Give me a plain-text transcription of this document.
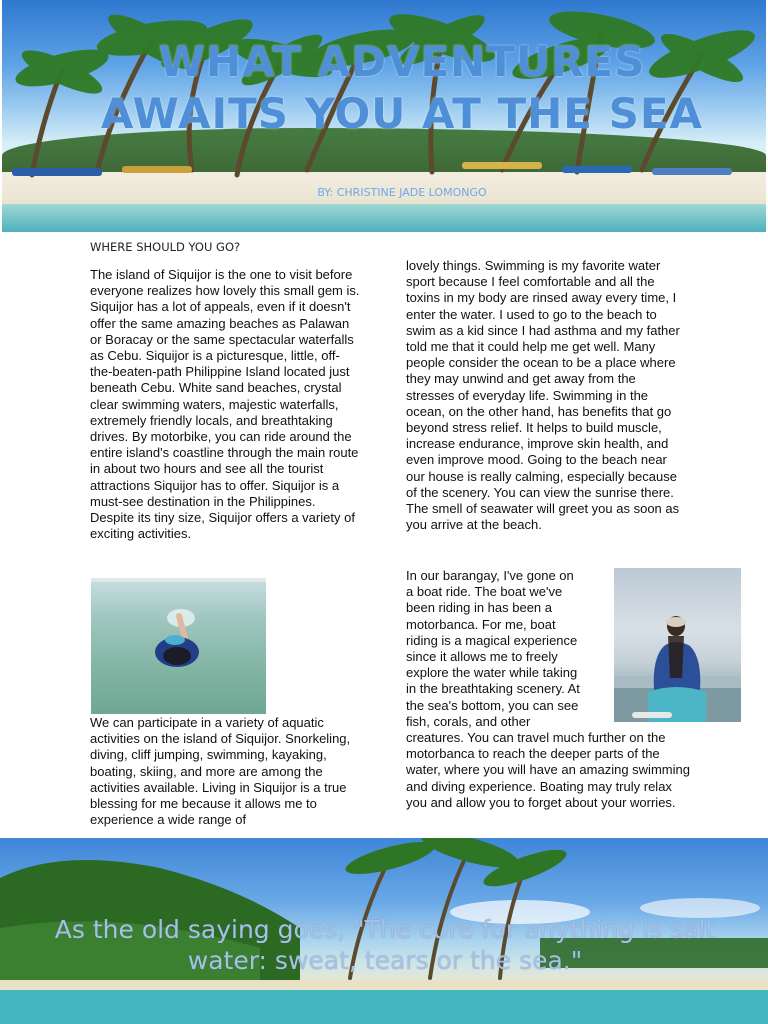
WHAT ADVENTURES AWAITS YOU AT THE SEA
BY: CHRISTINE JADE LOMONGO
WHERE SHOULD YOU GO?
The island of Siquijor is the one to visit before everyone realizes how lovely this small gem is. Siquijor has a lot of appeals, even if it doesn't offer the same amazing beaches as Palawan or Boracay or the same spectacular waterfalls as Cebu. Siquijor is a picturesque, little, off-the-beaten-path Philippine Island located just beneath Cebu. White sand beaches, crystal clear swimming waters, majestic waterfalls, extremely friendly locals, and breathtaking drives. By motorbike, you can ride around the entire island's coastline through the main route in about two hours and see all the tourist attractions Siquijor has to offer. Siquijor is a must-see destination in the Philippines. Despite its tiny size, Siquijor offers a variety of exciting activities.
We can participate in a variety of aquatic activities on the island of Siquijor. Snorkeling, diving, cliff jumping, swimming, kayaking, boating, skiing, and more are among the activities available. Living in Siquijor is a true blessing for me because it allows me to experience a wide range of
lovely things. Swimming is my favorite water sport because I feel comfortable and all the toxins in my body are rinsed away every time, I enter the water. I used to go to the beach to swim as a kid since I had asthma and my father told me that it could help me get well. Many people consider the ocean to be a place where they may unwind and get away from the stresses of everyday life. Swimming in the ocean, on the other hand, has benefits that go beyond stress relief. It helps to build muscle, increase endurance, improve skin health, and even improve mood. Going to the beach near our house is really calming, especially because of the scenery. You can view the sunrise there. The smell of seawater will greet you as soon as you arrive at the beach.
In our barangay, I've gone on a boat ride. The boat we've been riding in has been a motorbanca. For me, boat riding is a magical experience since it allows me to freely explore the water while taking in the breathtaking scenery. At the sea's bottom, you can see fish, corals, and other creatures. You can travel much further on the motorbanca to reach the deeper parts of the water, where you will have an amazing swimming and diving experience. Boating may truly relax you and allow you to forget about your worries.
As the old saying goes, "The cure for anything is salt water: sweat, tears or the sea."
